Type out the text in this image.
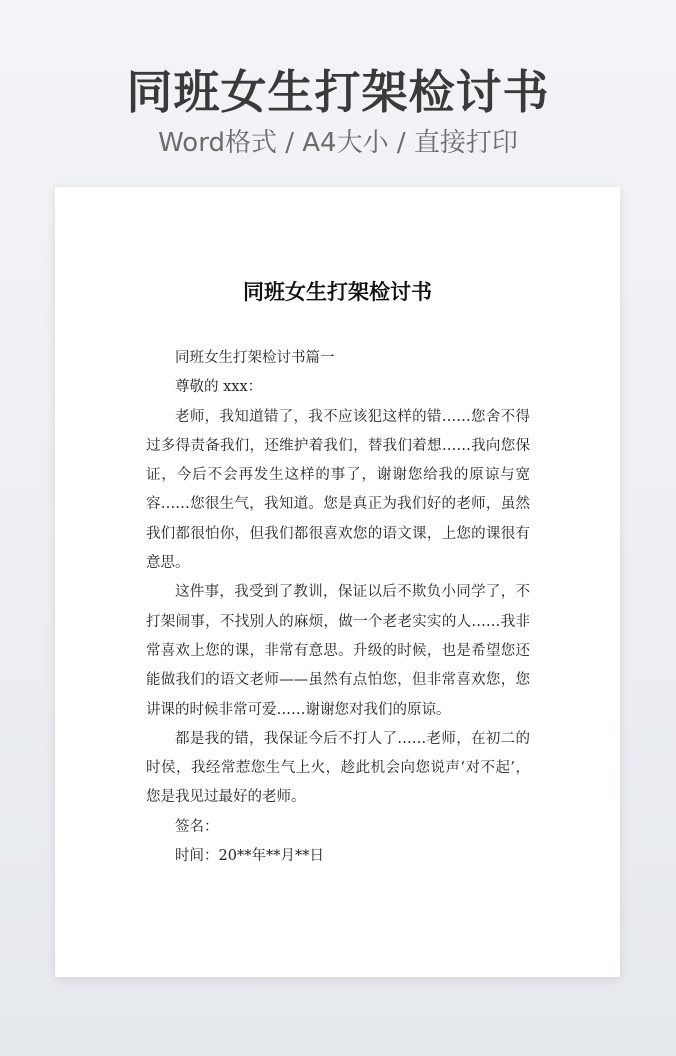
同班女生打架检讨书
Word格式 / A4大小 / 直接打印
同班女生打架检讨书
同班女生打架检讨书篇一
尊敬的 xxx：
老师，我知道错了，我不应该犯这样的错……您舍不得过多得责备我们，还维护着我们，替我们着想……我向您保证，今后不会再发生这样的事了，谢谢您给我的原谅与宽容……您很生气，我知道。您是真正为我们好的老师，虽然我们都很怕你，但我们都很喜欢您的语文课，上您的课很有意思。
这件事，我受到了教训，保证以后不欺负小同学了，不打架闹事，不找别人的麻烦，做一个老老实实的人……我非常喜欢上您的课，非常有意思。升级的时候，也是希望您还能做我们的语文老师——虽然有点怕您，但非常喜欢您，您讲课的时候非常可爱……谢谢您对我们的原谅。
都是我的错，我保证今后不打人了……老师，在初二的时侯，我经常惹您生气上火，趁此机会向您说声‘对不起’，您是我见过最好的老师。
签名：
时间：20**年**月**日
